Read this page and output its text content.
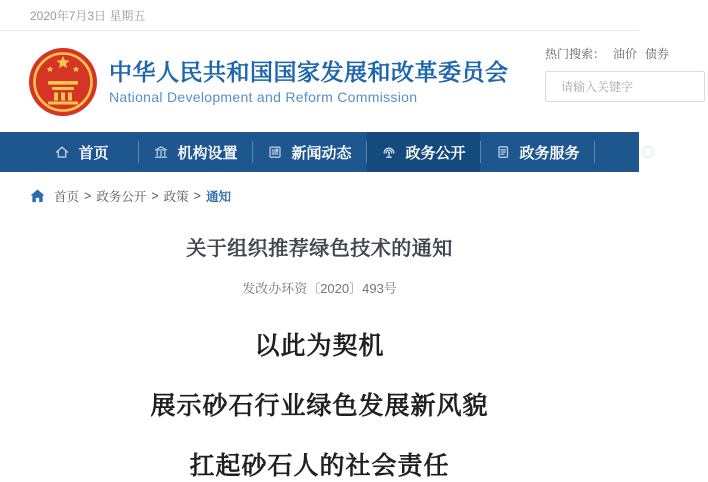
2020年7月3日 星期五
中华人民共和国国家发展和改革委员会
National Development and Reform Commission
热门搜索： 油价 债券
请输入关键字
首页	机构设置	新闻动态	政务公开	政务服务
首页 > 政务公开 > 政策 > 通知
关于组织推荐绿色技术的通知
发改办环资〔2020〕493号
以此为契机
展示砂石行业绿色发展新风貌
扛起砂石人的社会责任
